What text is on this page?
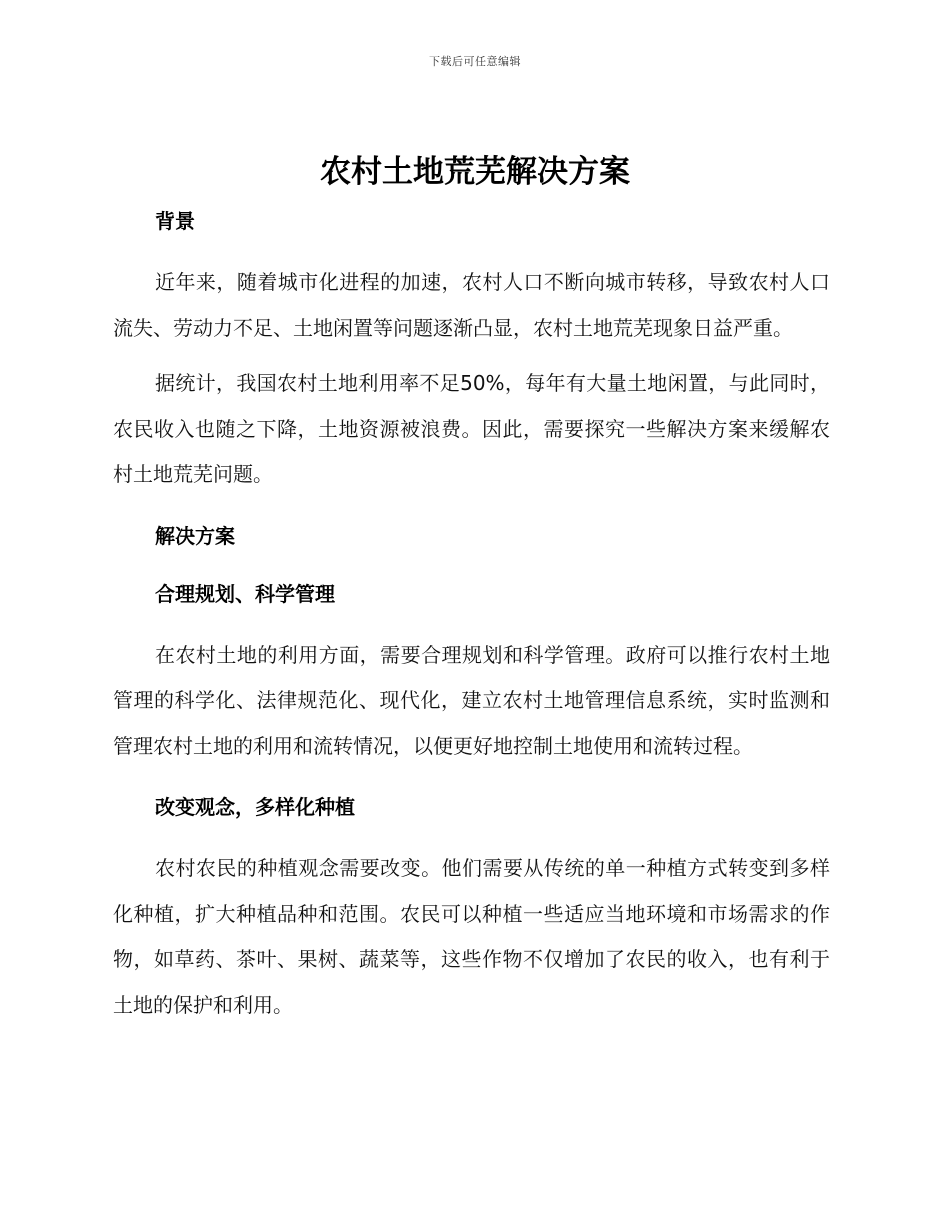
下载后可任意编辑
农村土地荒芜解决方案
背景

近年来，随着城市化进程的加速，农村人口不断向城市转移，导致农村人口流失、劳动力不足、土地闲置等问题逐渐凸显，农村土地荒芜现象日益严重。

据统计，我国农村土地利用率不足50%，每年有大量土地闲置，与此同时，农民收入也随之下降，土地资源被浪费。因此，需要探究一些解决方案来缓解农村土地荒芜问题。

解决方案
合理规划、科学管理

在农村土地的利用方面，需要合理规划和科学管理。政府可以推行农村土地管理的科学化、法律规范化、现代化，建立农村土地管理信息系统，实时监测和管理农村土地的利用和流转情况，以便更好地控制土地使用和流转过程。

改变观念，多样化种植

农村农民的种植观念需要改变。他们需要从传统的单一种植方式转变到多样化种植，扩大种植品种和范围。农民可以种植一些适应当地环境和市场需求的作物，如草药、茶叶、果树、蔬菜等，这些作物不仅增加了农民的收入，也有利于土地的保护和利用。
